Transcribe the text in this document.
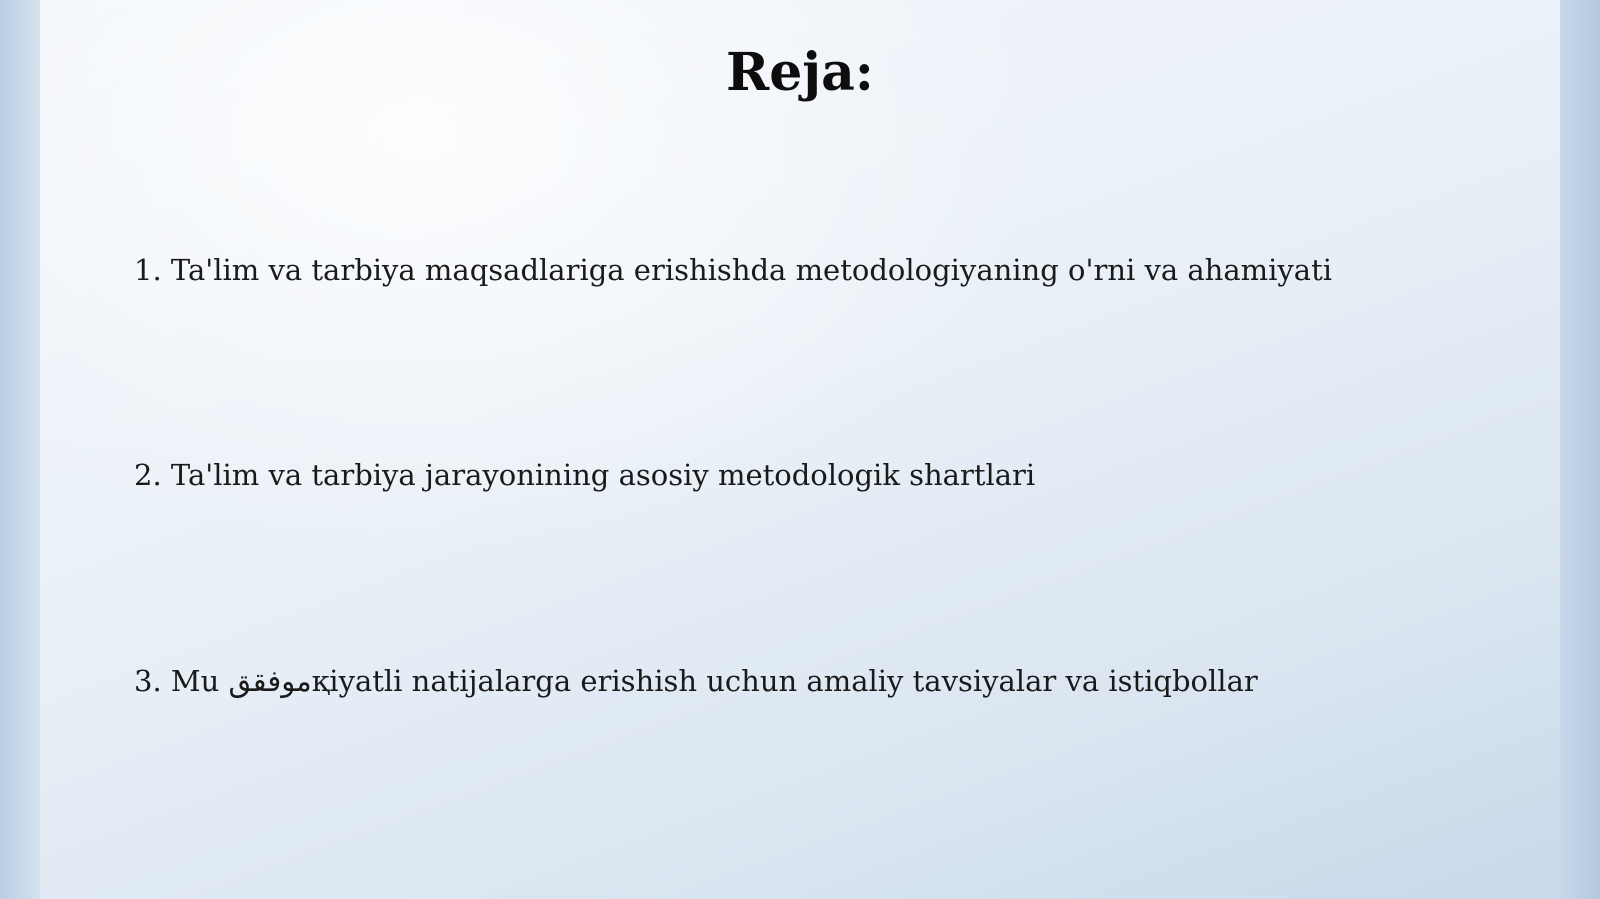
Reja:
1. Ta'lim va tarbiya maqsadlariga erishishda metodologiyaning o'rni va ahamiyati
2. Ta'lim va tarbiya jarayonining asosiy metodologik shartlari
3. Mu موفققқiyatli natijalarga erishish uchun amaliy tavsiyalar va istiqbollar
